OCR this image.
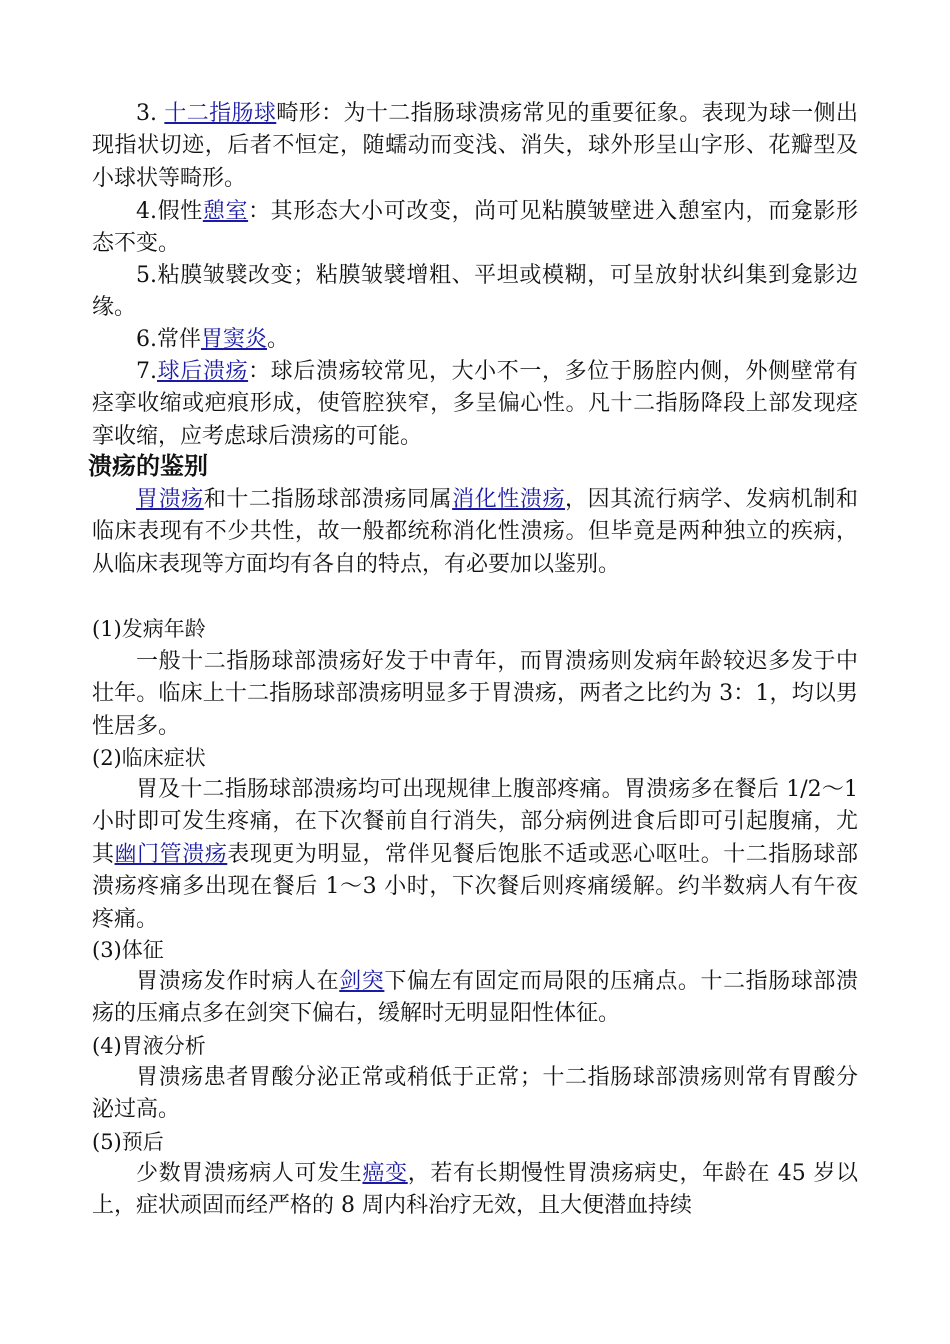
3. 十二指肠球畸形：为十二指肠球溃疡常见的重要征象。表现为球一侧出现指状切迹，后者不恒定，随蠕动而变浅、消失，球外形呈山字形、花瓣型及小球状等畸形。

4.假性憩室：其形态大小可改变，尚可见粘膜皱壁进入憩室内，而龛影形态不变。

5.粘膜皱襞改变；粘膜皱襞增粗、平坦或模糊，可呈放射状纠集到龛影边缘。

6.常伴胃窦炎。

7.球后溃疡：球后溃疡较常见，大小不一，多位于肠腔内侧，外侧壁常有痉挛收缩或疤痕形成，使管腔狭窄，多呈偏心性。凡十二指肠降段上部发现痉挛收缩，应考虑球后溃疡的可能。

溃疡的鉴别

胃溃疡和十二指肠球部溃疡同属消化性溃疡，因其流行病学、发病机制和临床表现有不少共性，故一般都统称消化性溃疡。但毕竟是两种独立的疾病，从临床表现等方面均有各自的特点，有必要加以鉴别。

(1)发病年龄

一般十二指肠球部溃疡好发于中青年，而胃溃疡则发病年龄较迟多发于中壮年。临床上十二指肠球部溃疡明显多于胃溃疡，两者之比约为 3：1，均以男性居多。

(2)临床症状

胃及十二指肠球部溃疡均可出现规律上腹部疼痛。胃溃疡多在餐后 1/2～1 小时即可发生疼痛，在下次餐前自行消失，部分病例进食后即可引起腹痛，尤其幽门管溃疡表现更为明显，常伴见餐后饱胀不适或恶心呕吐。十二指肠球部溃疡疼痛多出现在餐后 1～3 小时，下次餐后则疼痛缓解。约半数病人有午夜疼痛。

(3)体征

胃溃疡发作时病人在剑突下偏左有固定而局限的压痛点。十二指肠球部溃疡的压痛点多在剑突下偏右，缓解时无明显阳性体征。

(4)胃液分析

胃溃疡患者胃酸分泌正常或稍低于正常；十二指肠球部溃疡则常有胃酸分泌过高。

(5)预后

少数胃溃疡病人可发生癌变，若有长期慢性胃溃疡病史，年龄在 45 岁以上，症状顽固而经严格的 8 周内科治疗无效，且大便潜血持续
